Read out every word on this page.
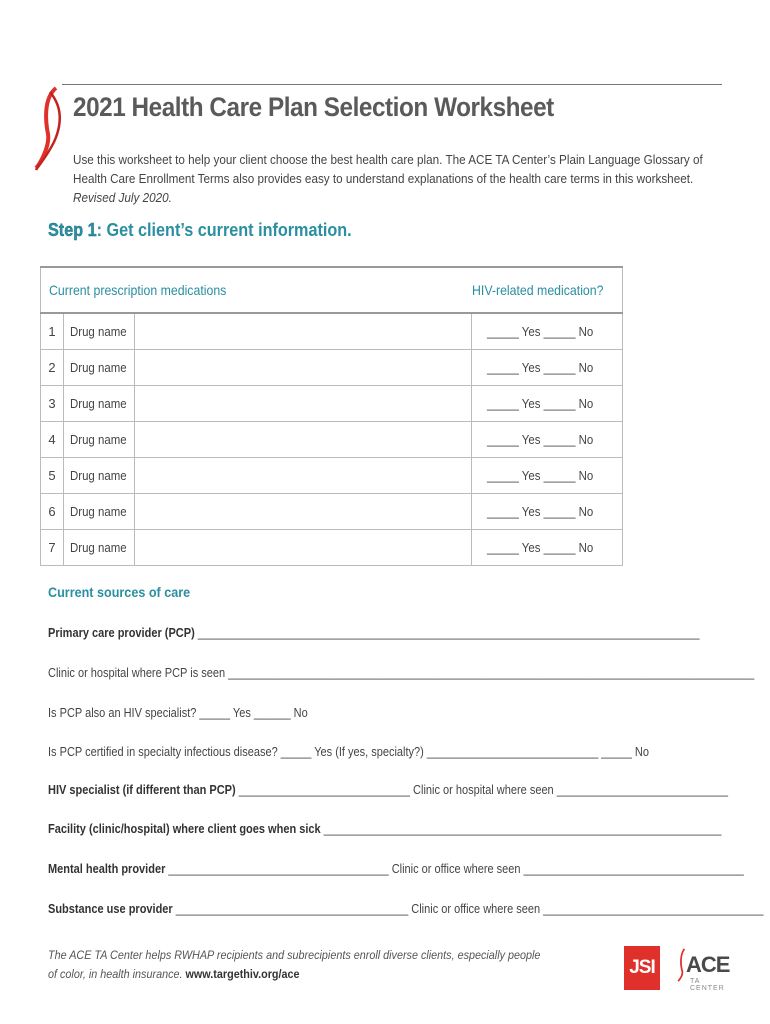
2021 Health Care Plan Selection Worksheet

Use this worksheet to help your client choose the best health care plan. The ACE TA Center’s Plain Language Glossary of Health Care Enrollment Terms also provides easy to understand explanations of the health care terms in this worksheet. Revised July 2020.

Step 1: Get client’s current information.
Current prescription medications			HIV-related medication?
1	Drug name		_____ Yes _____ No
2	Drug name		_____ Yes _____ No
3	Drug name		_____ Yes _____ No
4	Drug name		_____ Yes _____ No
5	Drug name		_____ Yes _____ No
6	Drug name		_____ Yes _____ No
7	Drug name		_____ Yes _____ No
Current sources of care
Primary care provider (PCP) __________________________________________________________________________________
Clinic or hospital where PCP is seen ______________________________________________________________________________________
Is PCP also an HIV specialist? _____ Yes ______ No
Is PCP certified in specialty infectious disease? _____ Yes (If yes, specialty?) ____________________________ _____ No
HIV specialist (if different than PCP) ____________________________ Clinic or hospital where seen ____________________________
Facility (clinic/hospital) where client goes when sick _________________________________________________________________
Mental health provider ____________________________________ Clinic or office where seen ____________________________________
Substance use provider ______________________________________ Clinic or office where seen ____________________________________

The ACE TA Center helps RWHAP recipients and subrecipients enroll diverse clients, especially people
of color, in health insurance. www.targethiv.org/ace	JSI ACE
TA CENTER
